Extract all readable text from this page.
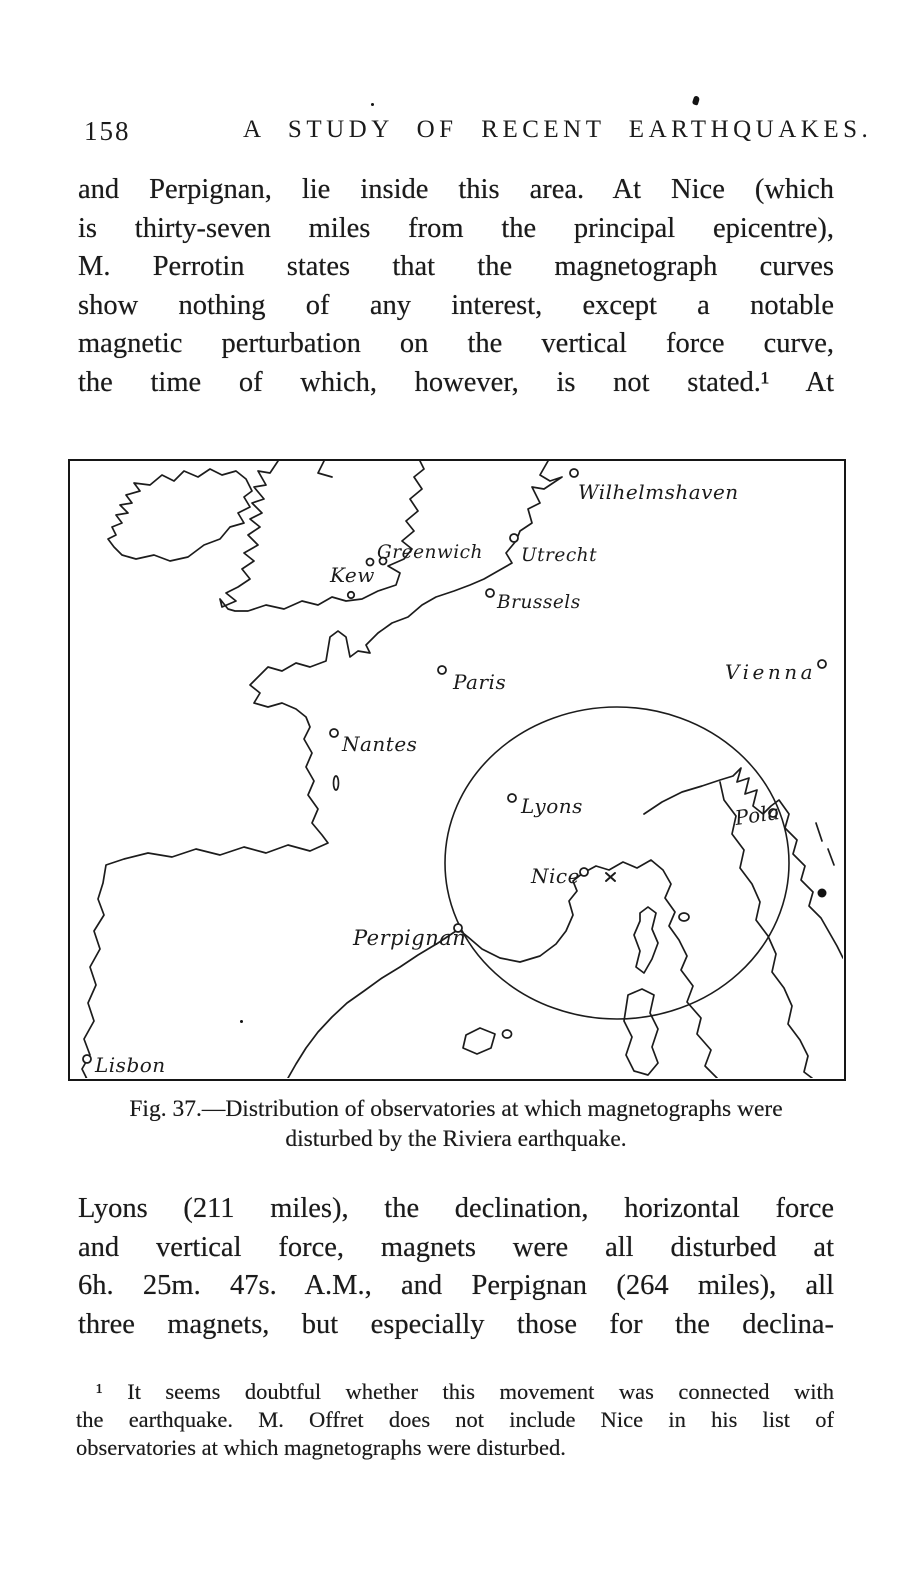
158	A STUDY OF RECENT EARTHQUAKES.
and Perpignan, lie inside this area. At Nice (which
is thirty-seven miles from the principal epicentre),
M. Perrotin states that the magnetograph curves
show nothing of any interest, except a notable
magnetic perturbation on the vertical force curve,
the time of which, however, is not stated.¹ At
Wilhelmshaven
Greenwich Utrecht
Kew
Brussels
Paris	Vienna
Nantes
Lyons	Pola
Nice
Perpignan
Lisbon
Fig. 37.—Distribution of observatories at which magnetographs were
disturbed by the Riviera earthquake.
Lyons (211 miles), the declination, horizontal force
and vertical force, magnets were all disturbed at
6h. 25m. 47s. A.M., and Perpignan (264 miles), all
three magnets, but especially those for the declina-
¹ It seems doubtful whether this movement was connected with
the earthquake. M. Offret does not include Nice in his list of
observatories at which magnetographs were disturbed.
